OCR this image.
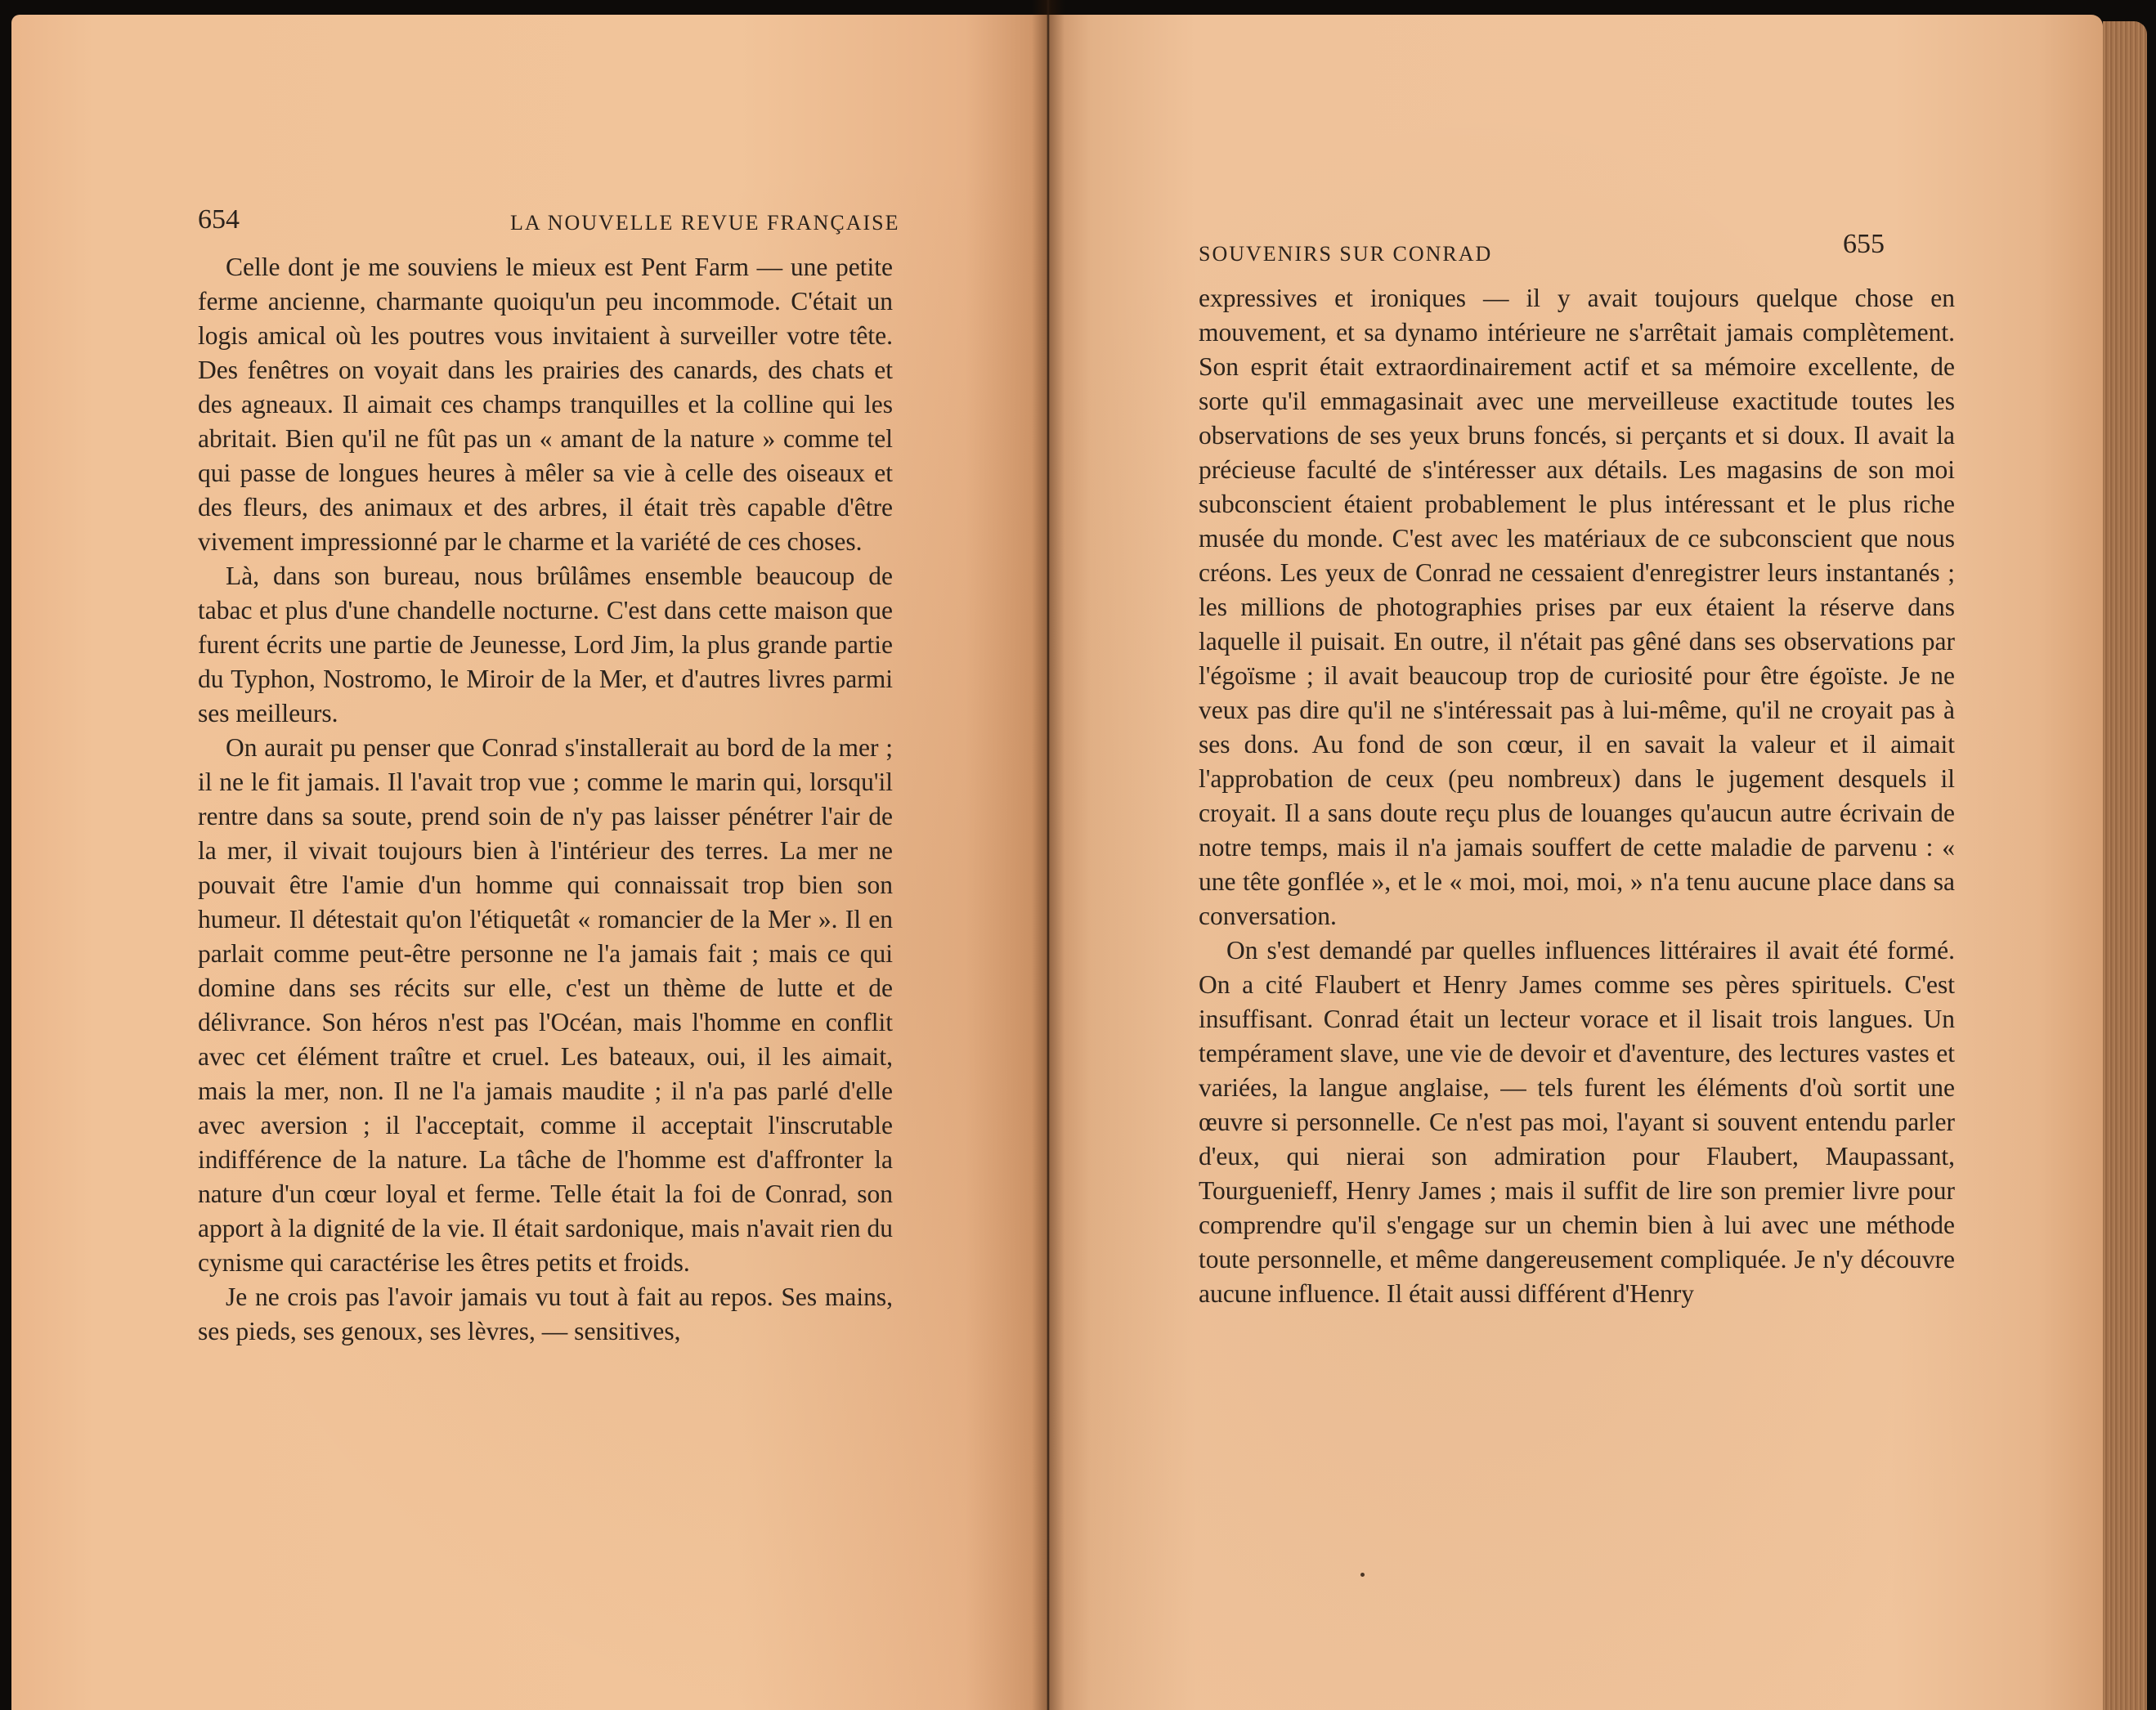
654	LA NOUVELLE REVUE FRANÇAISE

Celle dont je me souviens le mieux est Pent Farm — une petite ferme ancienne, charmante quoiqu'un peu incommode. C'était un logis amical où les poutres vous invitaient à surveiller votre tête. Des fenêtres on voyait dans les prairies des canards, des chats et des agneaux. Il aimait ces champs tranquilles et la colline qui les abritait. Bien qu'il ne fût pas un « amant de la nature » comme tel qui passe de longues heures à mêler sa vie à celle des oiseaux et des fleurs, des animaux et des arbres, il était très capable d'être vivement impressionné par le charme et la variété de ces choses.

Là, dans son bureau, nous brûlâmes ensemble beaucoup de tabac et plus d'une chandelle nocturne. C'est dans cette maison que furent écrits une partie de Jeunesse, Lord Jim, la plus grande partie du Typhon, Nostromo, le Miroir de la Mer, et d'autres livres parmi ses meilleurs.

On aurait pu penser que Conrad s'installerait au bord de la mer ; il ne le fit jamais. Il l'avait trop vue ; comme le marin qui, lorsqu'il rentre dans sa soute, prend soin de n'y pas laisser pénétrer l'air de la mer, il vivait toujours bien à l'intérieur des terres. La mer ne pouvait être l'amie d'un homme qui connaissait trop bien son humeur. Il détestait qu'on l'étiquetât « romancier de la Mer ». Il en parlait comme peut-être personne ne l'a jamais fait ; mais ce qui domine dans ses récits sur elle, c'est un thème de lutte et de délivrance. Son héros n'est pas l'Océan, mais l'homme en conflit avec cet élément traître et cruel. Les bateaux, oui, il les aimait, mais la mer, non. Il ne l'a jamais maudite ; il n'a pas parlé d'elle avec aversion ; il l'acceptait, comme il acceptait l'inscrutable indifférence de la nature. La tâche de l'homme est d'affronter la nature d'un cœur loyal et ferme. Telle était la foi de Conrad, son apport à la dignité de la vie. Il était sardonique, mais n'avait rien du cynisme qui caractérise les êtres petits et froids.

Je ne crois pas l'avoir jamais vu tout à fait au repos. Ses mains, ses pieds, ses genoux, ses lèvres, — sensitives,

SOUVENIRS SUR CONRAD	655

expressives et ironiques — il y avait toujours quelque chose en mouvement, et sa dynamo intérieure ne s'arrêtait jamais complètement. Son esprit était extraordinairement actif et sa mémoire excellente, de sorte qu'il emmagasinait avec une merveilleuse exactitude toutes les observations de ses yeux bruns foncés, si perçants et si doux. Il avait la précieuse faculté de s'intéresser aux détails. Les magasins de son moi subconscient étaient probablement le plus intéressant et le plus riche musée du monde. C'est avec les matériaux de ce subconscient que nous créons. Les yeux de Conrad ne cessaient d'enregistrer leurs instantanés ; les millions de photographies prises par eux étaient la réserve dans laquelle il puisait. En outre, il n'était pas gêné dans ses observations par l'égoïsme ; il avait beaucoup trop de curiosité pour être égoïste. Je ne veux pas dire qu'il ne s'intéressait pas à lui-même, qu'il ne croyait pas à ses dons. Au fond de son cœur, il en savait la valeur et il aimait l'approbation de ceux (peu nombreux) dans le jugement desquels il croyait. Il a sans doute reçu plus de louanges qu'aucun autre écrivain de notre temps, mais il n'a jamais souffert de cette maladie de parvenu : « une tête gonflée », et le « moi, moi, moi, » n'a tenu aucune place dans sa conversation.

On s'est demandé par quelles influences littéraires il avait été formé. On a cité Flaubert et Henry James comme ses pères spirituels. C'est insuffisant. Conrad était un lecteur vorace et il lisait trois langues. Un tempérament slave, une vie de devoir et d'aventure, des lectures vastes et variées, la langue anglaise, — tels furent les éléments d'où sortit une œuvre si personnelle. Ce n'est pas moi, l'ayant si souvent entendu parler d'eux, qui nierai son admiration pour Flaubert, Maupassant, Tourguenieff, Henry James ; mais il suffit de lire son premier livre pour comprendre qu'il s'engage sur un chemin bien à lui avec une méthode toute personnelle, et même dangereusement compliquée. Je n'y découvre aucune influence. Il était aussi différent d'Henry
